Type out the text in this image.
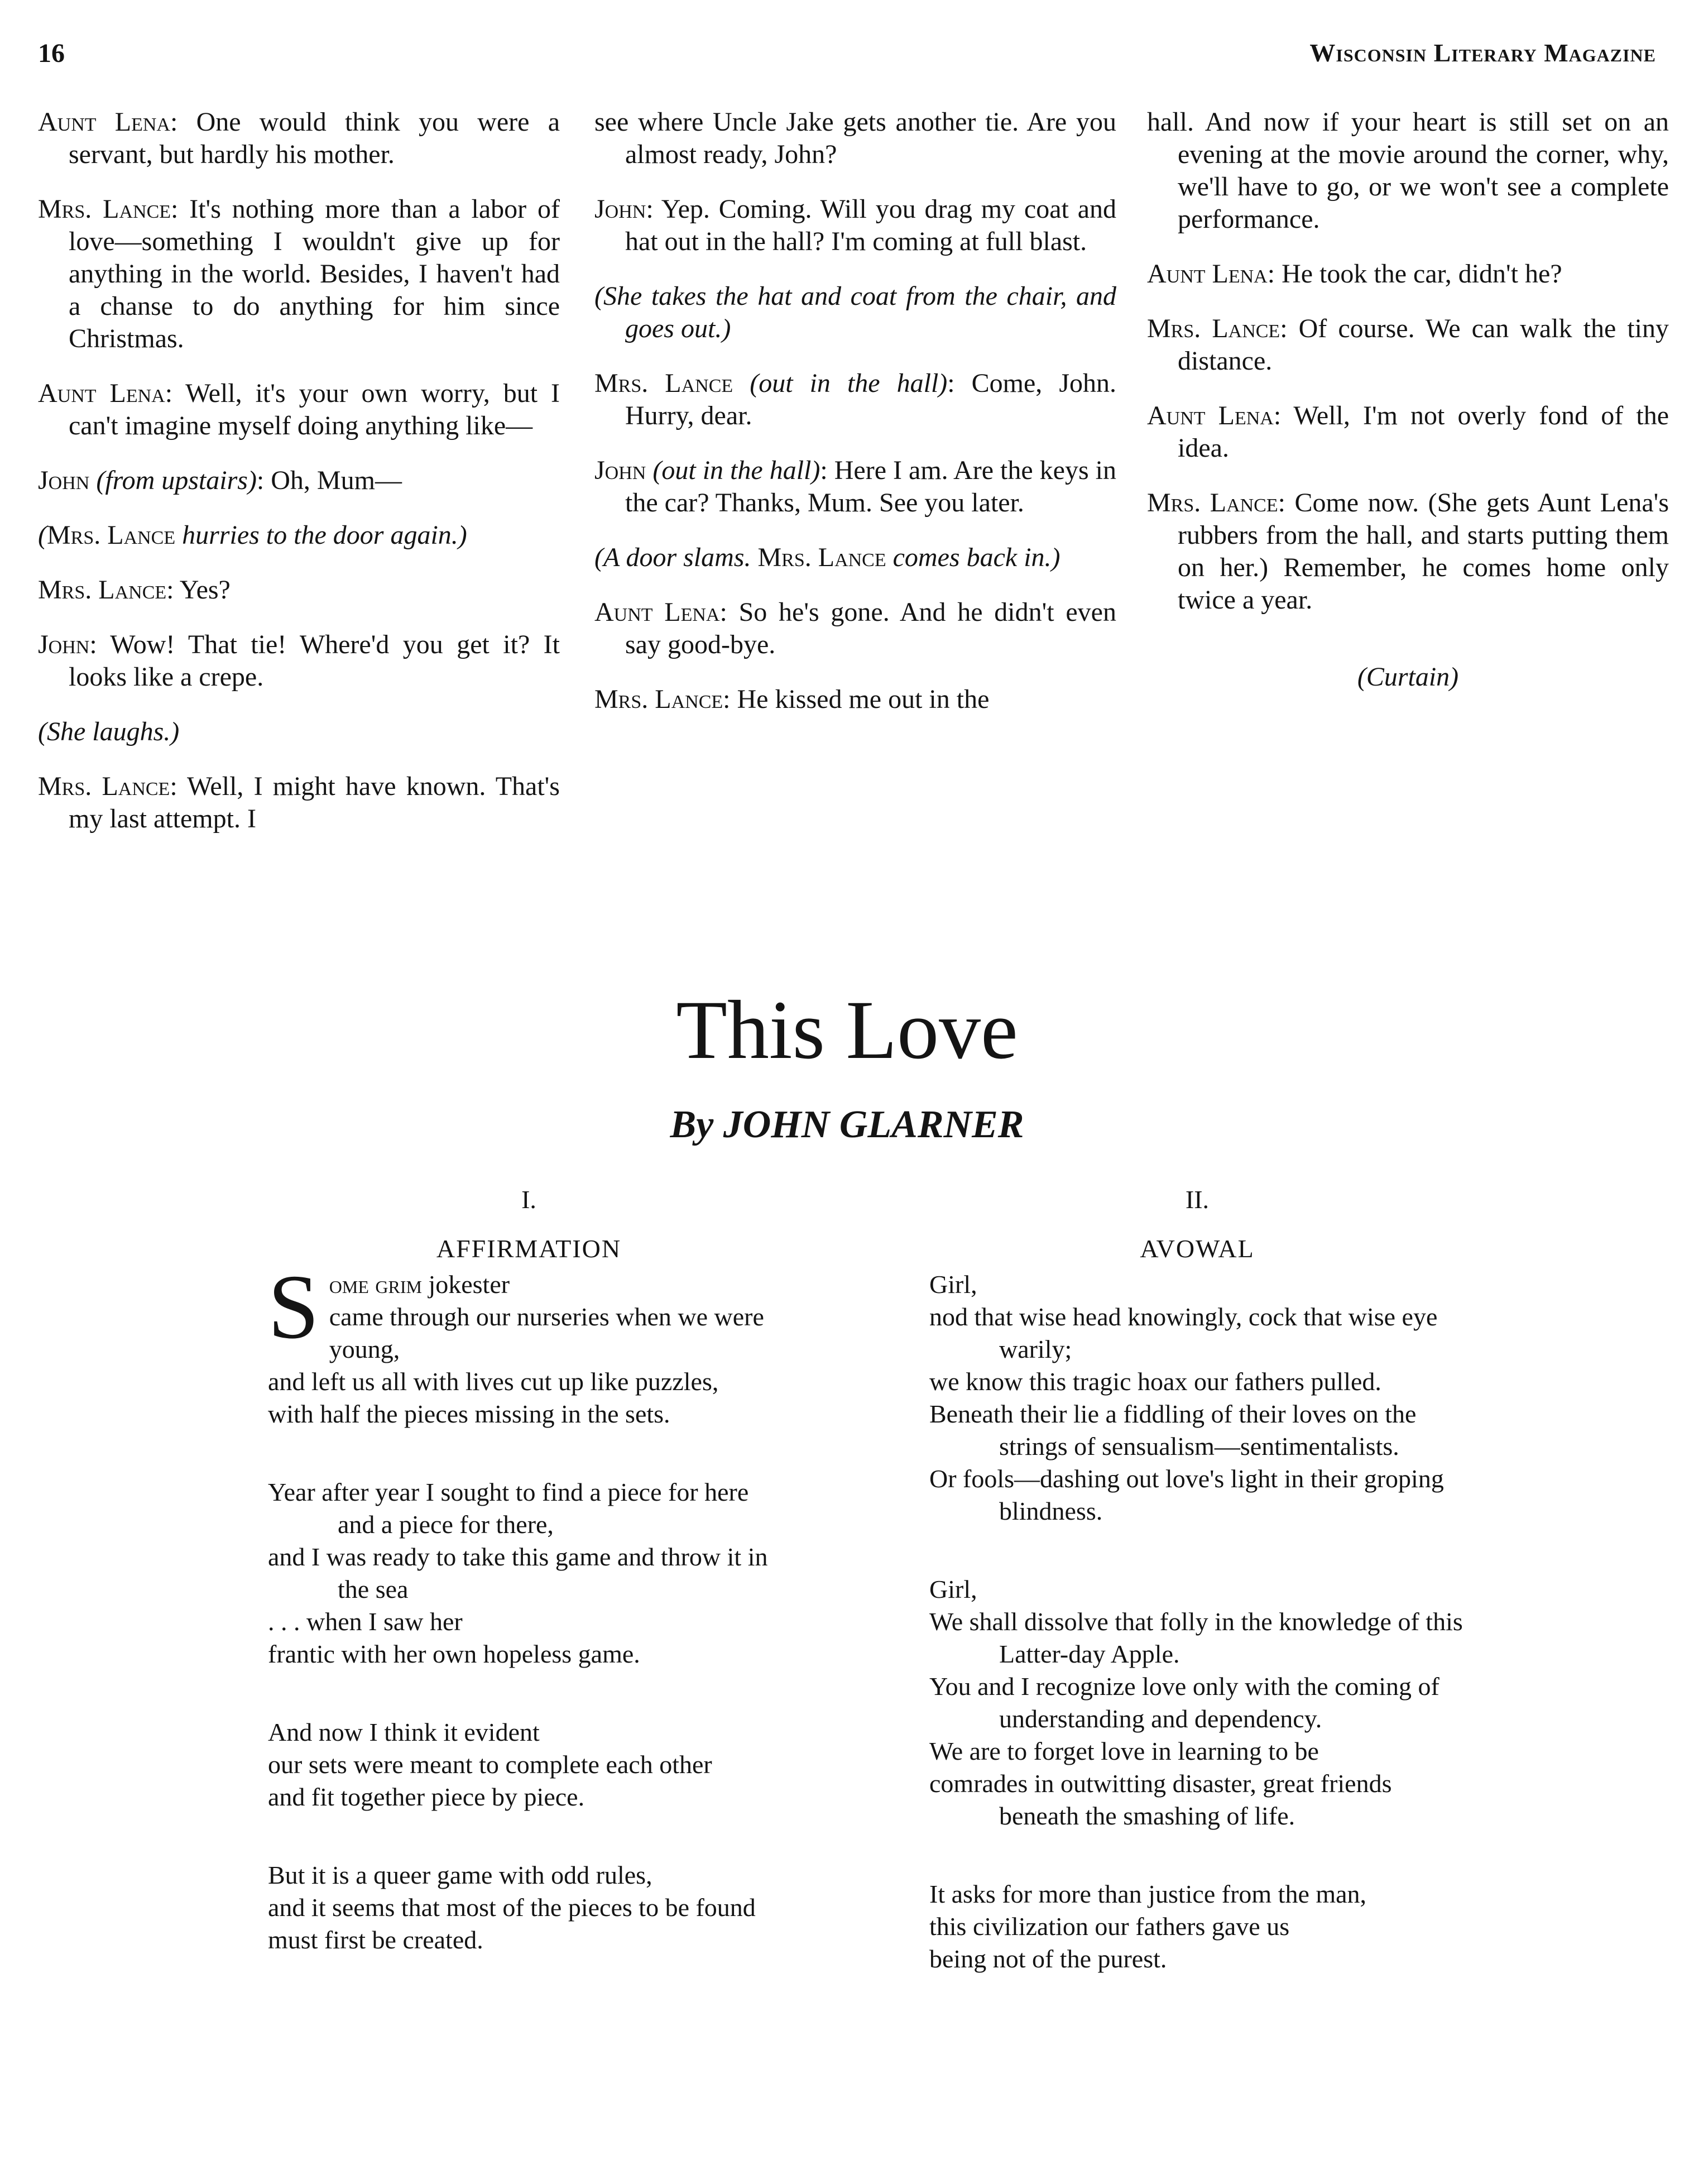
16	Wisconsin Literary Magazine

Aunt Lena: One would think you were a servant, but hardly his mother.

Mrs. Lance: It's nothing more than a labor of love—something I wouldn't give up for anything in the world. Besides, I haven't had a chanse to do anything for him since Christmas.

Aunt Lena: Well, it's your own worry, but I can't imagine myself doing anything like—

John (from upstairs): Oh, Mum—

(Mrs. Lance hurries to the door again.)

Mrs. Lance: Yes?

John: Wow! That tie! Where'd you get it? It looks like a crepe.

(She laughs.)

Mrs. Lance: Well, I might have known. That's my last attempt. I

see where Uncle Jake gets another tie. Are you almost ready, John?

John: Yep. Coming. Will you drag my coat and hat out in the hall? I'm coming at full blast.

(She takes the hat and coat from the chair, and goes out.)

Mrs. Lance (out in the hall): Come, John. Hurry, dear.

John (out in the hall): Here I am. Are the keys in the car? Thanks, Mum. See you later.

(A door slams. Mrs. Lance comes back in.)

Aunt Lena: So he's gone. And he didn't even say good-bye.

Mrs. Lance: He kissed me out in the

hall. And now if your heart is still set on an evening at the movie around the corner, why, we'll have to go, or we won't see a complete performance.

Aunt Lena: He took the car, didn't he?

Mrs. Lance: Of course. We can walk the tiny distance.

Aunt Lena: Well, I'm not overly fond of the idea.

Mrs. Lance: Come now. (She gets Aunt Lena's rubbers from the hall, and starts putting them on her.) Remember, he comes home only twice a year.

(Curtain)

This Love
By JOHN GLARNER
I.
AFFIRMATION
S ome grim jokester
came through our nurseries when we were young,
and left us all with lives cut up like puzzles,
with half the pieces missing in the sets.
Year after year I sought to find a piece for here and a piece for there,
and I was ready to take this game and throw it in the sea
. . . when I saw her
frantic with her own hopeless game.
And now I think it evident
our sets were meant to complete each other
and fit together piece by piece.
But it is a queer game with odd rules,
and it seems that most of the pieces to be found
must first be created.
II.
AVOWAL
Girl,
nod that wise head knowingly, cock that wise eye warily;
we know this tragic hoax our fathers pulled.
Beneath their lie a fiddling of their loves on the strings of sensualism—sentimentalists.
Or fools—dashing out love's light in their groping blindness.
Girl,
We shall dissolve that folly in the knowledge of this Latter-day Apple.
You and I recognize love only with the coming of understanding and dependency.
We are to forget love in learning to be
comrades in outwitting disaster, great friends beneath the smashing of life.
It asks for more than justice from the man,
this civilization our fathers gave us
being not of the purest.
